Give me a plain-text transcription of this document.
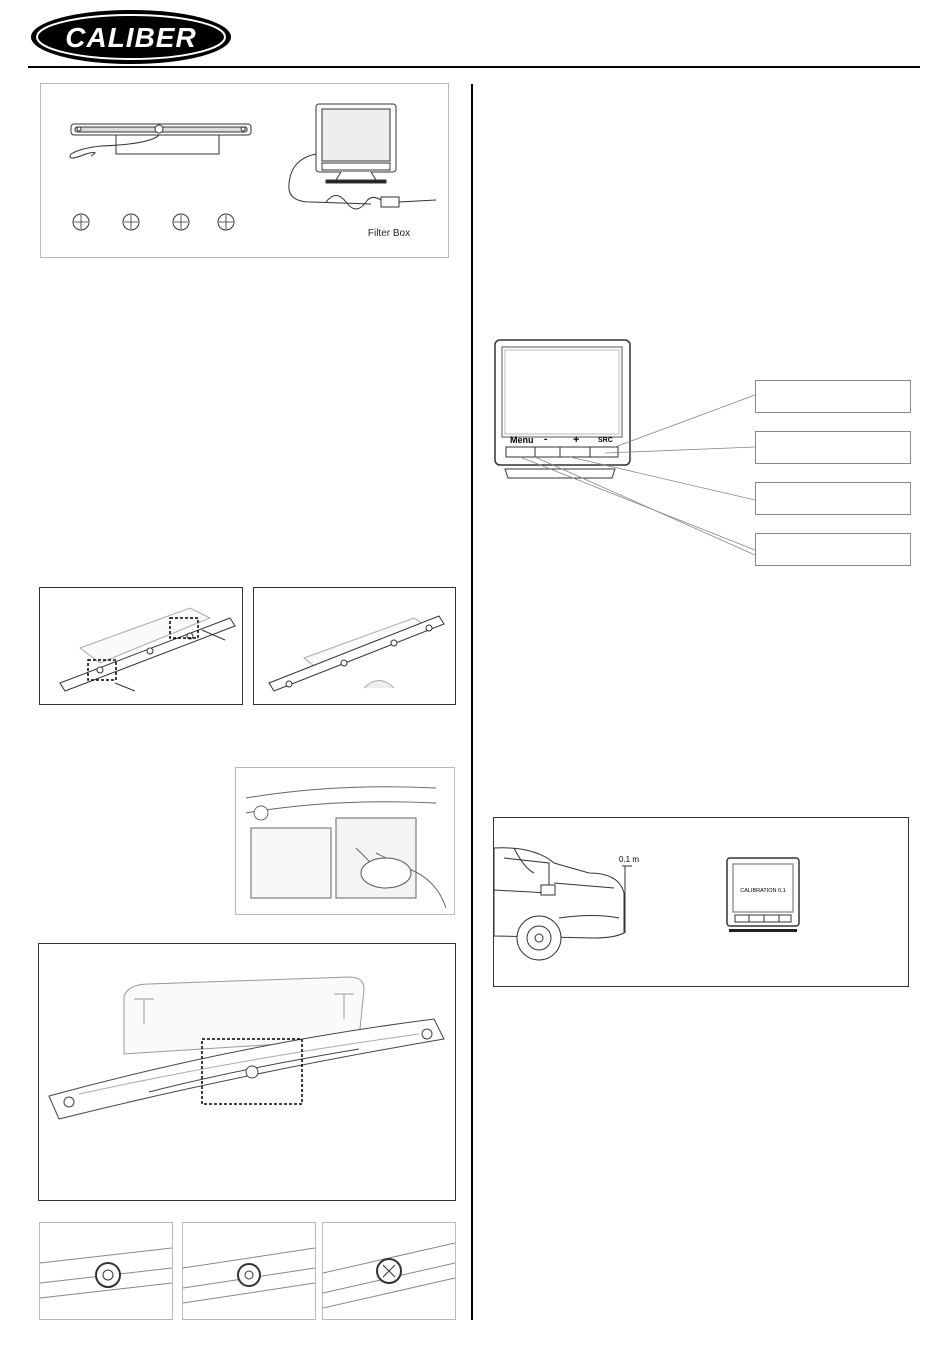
CALIBER
Filter Box
Menu - +	SRC
0.1 m
CALIBRATION 0.1
